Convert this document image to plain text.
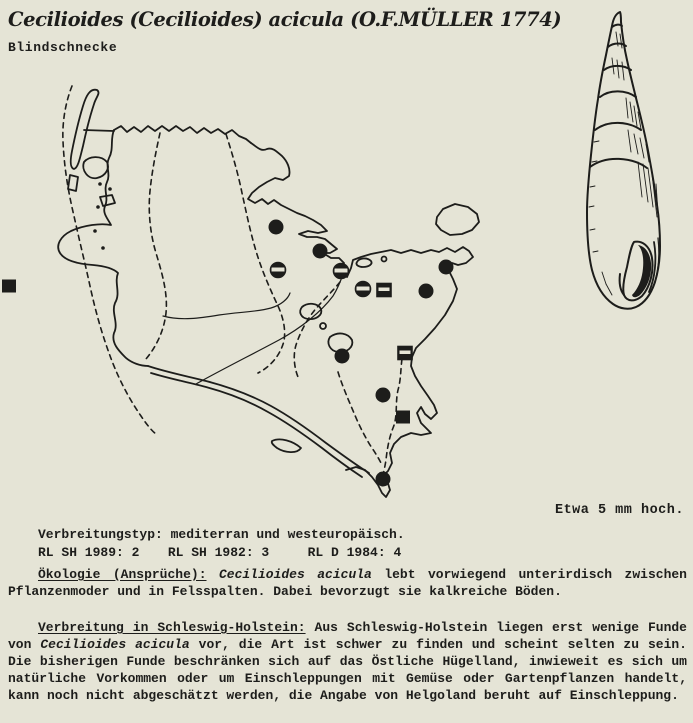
Cecilioides (Cecilioides) acicula (O.F.MÜLLER 1774)
Blindschnecke
Etwa 5 mm hoch.
Verbreitungstyp: mediterran und westeuropäisch.
RL SH 1989: 2 RL SH 1982: 3	RL D 1984: 4

Ökologie (Ansprüche): Cecilioides acicula lebt vorwiegend unterirdisch zwischen Pflanzenmoder und in Felsspalten. Dabei bevorzugt sie kalkreiche Böden.

Verbreitung in Schleswig-Holstein: Aus Schleswig-Holstein liegen erst wenige Funde von Cecilioides acicula vor, die Art ist schwer zu finden und scheint selten zu sein. Die bisherigen Funde beschränken sich auf das Östliche Hügelland, inwieweit es sich um natürliche Vorkommen oder um Einschleppungen mit Gemüse oder Gartenpflanzen handelt, kann noch nicht abgeschätzt werden, die Angabe von Helgoland beruht auf Einschleppung.
